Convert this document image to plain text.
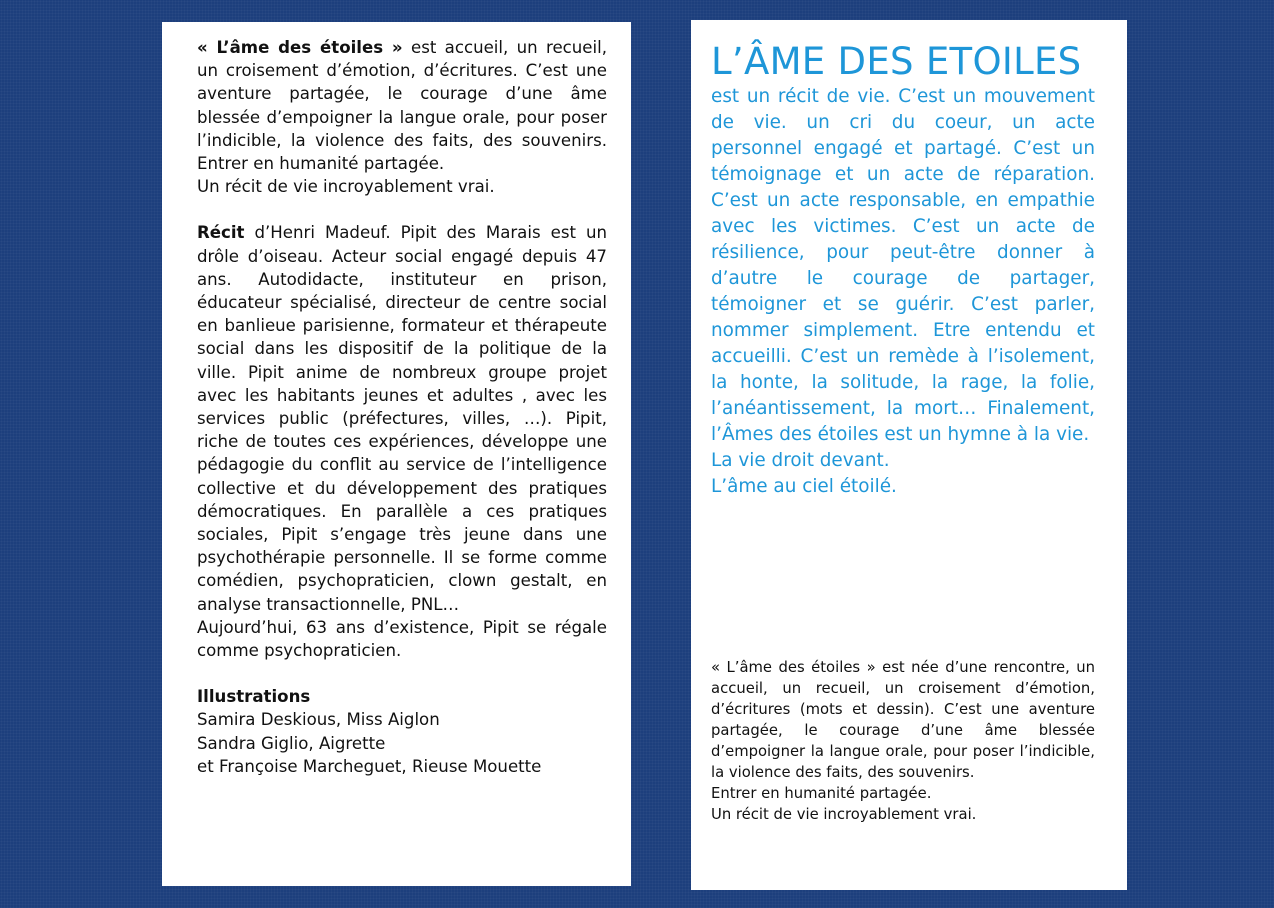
« L’âme des étoiles » est accueil, un recueil, un croisement d’émotion, d’écritures. C’est une aventure partagée, le courage d’une âme blessée d’empoigner la langue orale, pour poser l’indicible, la violence des faits, des souvenirs. Entrer en humanité partagée.

Un récit de vie incroyablement vrai.

Récit d’Henri Madeuf. Pipit des Marais est un drôle d’oiseau. Acteur social engagé depuis 47 ans. Autodidacte, instituteur en prison, éducateur spécialisé, directeur de centre social en banlieue parisienne, formateur et thérapeute social dans les dispositif de la politique de la ville. Pipit anime de nombreux groupe projet avec les habitants jeunes et adultes , avec les services public (préfectures, villes, …). Pipit, riche de toutes ces expériences, développe une pédagogie du conflit au service de l’intelligence collective et du développement des pratiques démocratiques. En parallèle a ces pratiques sociales, Pipit s’engage très jeune dans une psychothérapie personnelle. Il se forme comme comédien, psychopraticien, clown gestalt, en analyse transactionnelle, PNL…

Aujourd’hui, 63 ans d’existence, Pipit se régale comme psychopraticien.

Illustrations

Samira Deskious, Miss Aiglon

Sandra Giglio, Aigrette

et Françoise Marcheguet, Rieuse Mouette

L’ÂME DES ETOILES

est un récit de vie. C’est un mouvement de vie. un cri du coeur, un acte personnel engagé et partagé. C’est un témoignage et un acte de réparation. C’est un acte responsable, en empathie avec les victimes. C’est un acte de résilience, pour peut-être donner à d’autre le courage de partager, témoigner et se guérir. C’est parler, nommer simplement. Etre entendu et accueilli. C’est un remède à l’isolement, la honte, la solitude, la rage, la folie, l’anéantissement, la mort… Finalement, l’Âmes des étoiles est un hymne à la vie.

La vie droit devant.

L’âme au ciel étoilé.

« L’âme des étoiles » est née d’une rencontre, un accueil, un recueil, un croisement d’émotion, d’écritures (mots et dessin). C’est une aventure partagée, le courage d’une âme blessée d’empoigner la langue orale, pour poser l’indicible, la violence des faits, des souvenirs.

Entrer en humanité partagée.

Un récit de vie incroyablement vrai.
